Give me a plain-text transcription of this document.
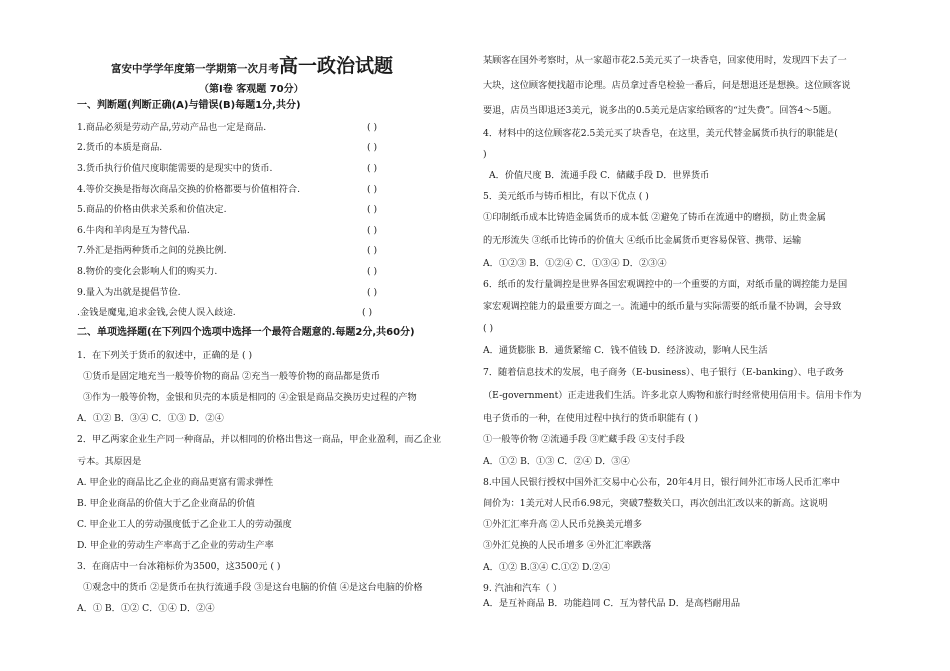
富安中学学年度第一学期第一次月考高一政治试题
（第Ⅰ卷 客观题 70分）
一、判断题(判断正确(A)与错误(B)每题1分,共分)
1.商品必须是劳动产品,劳动产品也一定是商品.	( )
2.货币的本质是商品.	( )
3.货币执行价值尺度职能需要的是现实中的货币.	( )
4.等价交换是指每次商品交换的价格都要与价值相符合.	( )
5.商品的价格由供求关系和价值决定.	( )
6.牛肉和羊肉是互为替代品.	( )
7.外汇是指两种货币之间的兑换比例.	( )
8.物价的变化会影响人们的购买力.	( )
9.量入为出就是提倡节俭.	( )
.金钱是魔鬼,追求金钱,会使人误入歧途.	( )
二、单项选择题(在下列四个选项中选择一个最符合题意的.每题2分,共60分)
1．在下列关于货币的叙述中，正确的是 ( )
①货币是固定地充当一般等价物的商品 ②充当一般等价物的商品都是货币
③作为一般等价物，金银和贝壳的本质是相同的 ④金银是商品交换历史过程的产物
A．①② B．③④ C．①③ D．②④
2．甲乙两家企业生产同一种商品，并以相同的价格出售这一商品，甲企业盈利，而乙企业
亏本。其原因是
A. 甲企业的商品比乙企业的商品更富有需求弹性
B. 甲企业商品的价值大于乙企业商品的价值
C. 甲企业工人的劳动强度低于乙企业工人的劳动强度
D. 甲企业的劳动生产率高于乙企业的劳动生产率
3．在商店中一台冰箱标价为3500，这3500元 ( )
①观念中的货币 ②是货币在执行流通手段 ③是这台电脑的价值 ④是这台电脑的价格
A．① B．①② C．①④ D．②④
某顾客在国外考察时，从一家超市花2.5美元买了一块香皂，回家使用时，发现四下去了一
大块，这位顾客便找超市论理。店员拿过香皂检验一番后，问是想退还是想换。这位顾客说
要退，店员当即退还3美元，说多出的0.5美元是店家给顾客的“过失费”。回答4～5题。
4．材料中的这位顾客花2.5美元买了块香皂，在这里，美元代替金属货币执行的职能是(
)
A．价值尺度 B．流通手段 C．储藏手段 D．世界货币
5．美元纸币与铸币相比，有以下优点 ( )
①印制纸币成本比铸造金属货币的成本低 ②避免了铸币在流通中的磨损，防止贵金属
的无形流失 ③纸币比铸币的价值大 ④纸币比金属货币更容易保管、携带、运输
A．①②③ B．①②④ C．①③④ D．②③④
6．纸币的发行量调控是世界各国宏观调控中的一个重要的方面，对纸币量的调控能力是国
家宏观调控能力的最重要方面之一。流通中的纸币量与实际需要的纸币量不协调，会导致
( )
A．通货膨胀 B．通货紧缩 C．钱不值钱 D．经济波动，影响人民生活
7．随着信息技术的发展，电子商务（E-business）、电子银行（E-banking）、电子政务
（E-government）正走进我们生活。许多北京人购物和旅行时经常使用信用卡。信用卡作为
电子货币的一种，在使用过程中执行的货币职能有 ( )
①一般等价物 ②流通手段 ③贮藏手段 ④支付手段
A．①② B．①③ C．②④ D．③④
8.中国人民银行授权中国外汇交易中心公布，20年4月日，银行间外汇市场人民币汇率中
间价为：1美元对人民币6.98元，突破7整数关口，再次创出汇改以来的新高。这说明
①外汇汇率升高 ②人民币兑换美元增多
③外汇兑换的人民币增多 ④外汇汇率跌落
A．①② B.③④ C.①② D.②④
9. 汽油和汽车（ ）
A．是互补商品 B．功能趋同 C．互为替代品 D．是高档耐用品
